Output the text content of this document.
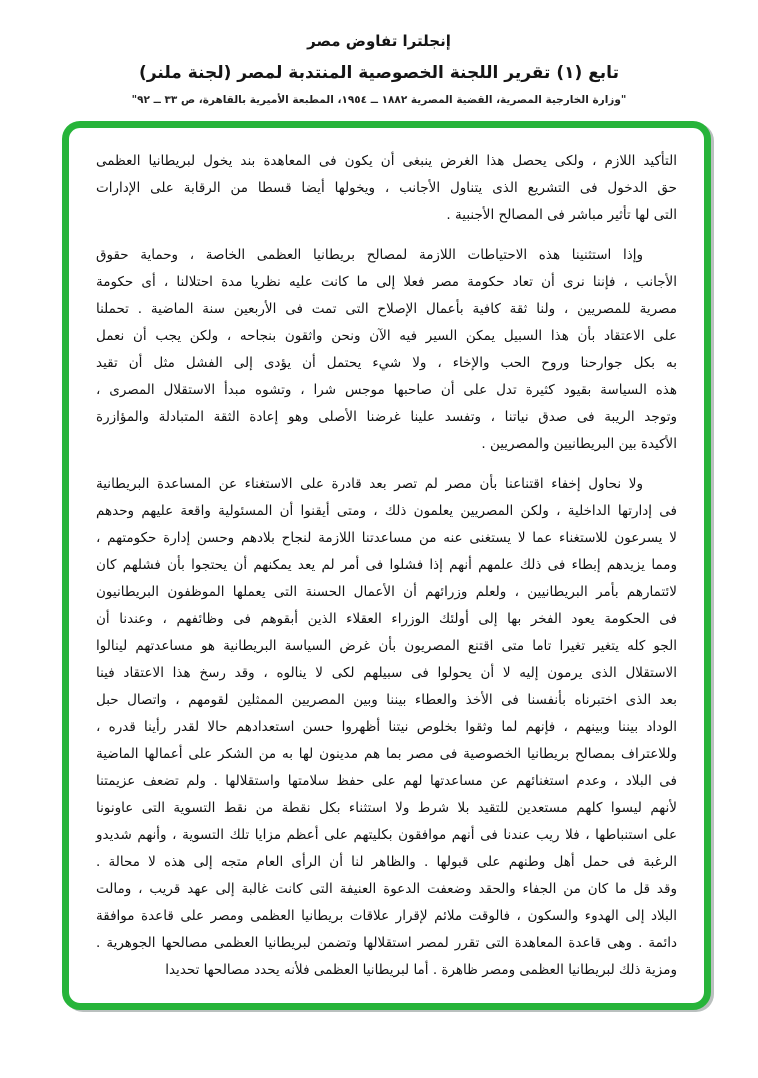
إنجلترا تفاوض مصر
تابع (١) تقرير اللجنة الخصوصية المنتدبة لمصر (لجنة ملنر)
"وزارة الخارجية المصرية، القضية المصرية ١٨٨٢ ــ ١٩٥٤، المطبعة الأميرية بالقاهرة، ص ٣٣ ــ ٩٢"
التأكيد اللازم ، ولكى يحصل هذا الغرض ينبغى أن يكون فى المعاهدة بند يخول لبريطانيا العظمى
حق الدخول فى التشريع الذى يتناول الأجانب ، ويخولها أيضا قسطا من الرقابة على الإدارات
التى لها تأثير مباشر فى المصالح الأجنبية .
وإذا استثنينا هذه الاحتياطات اللازمة لمصالح بريطانيا العظمى الخاصة ، وحماية حقوق
الأجانب ، فإننا نرى أن تعاد حكومة مصر فعلا إلى ما كانت عليه نظريا مدة احتلالنا ، أى حكومة
مصرية للمصريين ، ولنا ثقة كافية بأعمال الإصلاح التى تمت فى الأربعين سنة الماضية . تحملنا
على الاعتقاد بأن هذا السبيل يمكن السير فيه الآن ونحن واثقون بنجاحه ، ولكن يجب أن نعمل
به بكل جوارحنا وروح الحب والإخاء ، ولا شيء يحتمل أن يؤدى إلى الفشل مثل أن تقيد
هذه السياسة بقيود كثيرة تدل على أن صاحبها موجس شرا ، وتشوه مبدأ الاستقلال المصرى ،
وتوجد الريبة فى صدق نياتنا ، وتفسد علينا غرضنا الأصلى وهو إعادة الثقة المتبادلة والمؤازرة
الأكيدة بين البريطانيين والمصريين .
ولا نحاول إخفاء اقتناعنا بأن مصر لم تصر بعد قادرة على الاستغناء عن المساعدة البريطانية
فى إدارتها الداخلية ، ولكن المصريين يعلمون ذلك ، ومتى أيقنوا أن المسئولية واقعة عليهم وحدهم
لا يسرعون للاستغناء عما لا يستغنى عنه من مساعدتنا اللازمة لنجاح بلادهم وحسن إدارة حكومتهم ،
ومما يزيدهم إبطاء فى ذلك علمهم أنهم إذا فشلوا فى أمر لم يعد يمكنهم أن يحتجوا بأن فشلهم كان
لائتمارهم بأمر البريطانيين ، ولعلم وزرائهم أن الأعمال الحسنة التى يعملها الموظفون البريطانيون
فى الحكومة يعود الفخر بها إلى أولئك الوزراء العقلاء الذين أبقوهم فى وظائفهم ، وعندنا أن
الجو كله يتغير تغيرا تاما متى اقتنع المصريون بأن غرض السياسة البريطانية هو مساعدتهم لينالوا
الاستقلال الذى يرمون إليه لا أن يحولوا فى سبيلهم لكى لا ينالوه ، وقد رسخ هذا الاعتقاد فينا
بعد الذى اختبرناه بأنفسنا فى الأخذ والعطاء بيننا وبين المصريين الممثلين لقومهم ، واتصال حبل
الوداد بيننا وبينهم ، فإنهم لما وثقوا بخلوص نيتنا أظهروا حسن استعدادهم حالا لقدر رأينا قدره ،
وللاعتراف بمصالح بريطانيا الخصوصية فى مصر بما هم مدينون لها به من الشكر على أعمالها الماضية
فى البلاد ، وعدم استغنائهم عن مساعدتها لهم على حفظ سلامتها واستقلالها . ولم تضعف عزيمتنا
لأنهم ليسوا كلهم مستعدين للتقيد بلا شرط ولا استثناء بكل نقطة من نقط التسوية التى عاونونا
على استنباطها ، فلا ريب عندنا فى أنهم موافقون بكليتهم على أعظم مزايا تلك التسوية ، وأنهم شديدو
الرغبة فى حمل أهل وطنهم على قبولها . والظاهر لنا أن الرأى العام متجه إلى هذه لا محالة .
وقد قل ما كان من الجفاء والحقد وضعفت الدعوة العنيفة التى كانت غالبة إلى عهد قريب ، ومالت
البلاد إلى الهدوء والسكون ، فالوقت ملائم لإقرار علاقات بريطانيا العظمى ومصر على قاعدة موافقة
دائمة . وهى قاعدة المعاهدة التى تقرر لمصر استقلالها وتضمن لبريطانيا العظمى مصالحها الجوهرية .
ومزية ذلك لبريطانيا العظمى ومصر ظاهرة . أما لبريطانيا العظمى فلأنه يحدد مصالحها تحديدا
